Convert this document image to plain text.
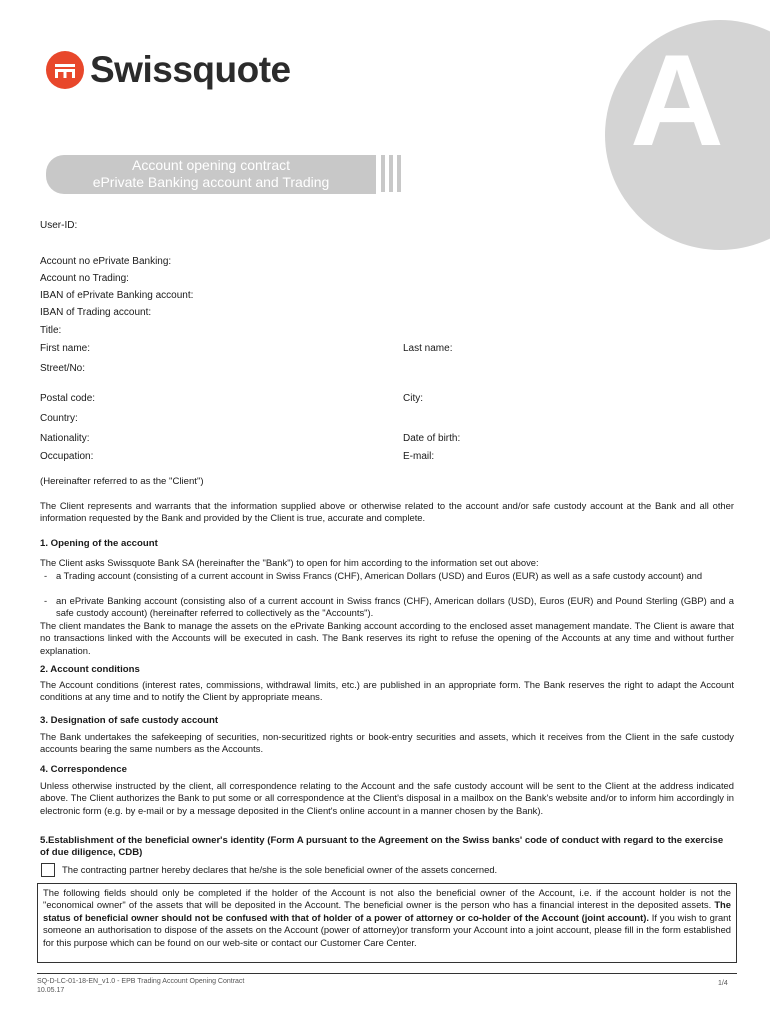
A
Swissquote
Account opening contract
ePrivate Banking account and Trading
User-ID:
Account no ePrivate Banking:
Account no Trading:
IBAN of ePrivate Banking account:
IBAN of Trading account:
Title:
First name:	Last name:
Street/No:
Postal code:	City:
Country:
Nationality:	Date of birth:
Occupation:	E-mail:
(Hereinafter referred to as the "Client")
The Client represents and warrants that the information supplied above or otherwise related to the account and/or safe custody account at the Bank and all other information requested by the Bank and provided by the Client is true, accurate and complete.
1. Opening of the account
The Client asks Swissquote Bank SA (hereinafter the "Bank") to open for him according to the information set out above:
- a Trading account (consisting of a current account in Swiss Francs (CHF), American Dollars (USD) and Euros (EUR) as well as a safe custody account) and
- an ePrivate Banking account (consisting also of a current account in Swiss francs (CHF), American dollars (USD), Euros (EUR) and Pound Sterling (GBP) and a safe custody account) (hereinafter referred to collectively as the "Accounts").
The client mandates the Bank to manage the assets on the ePrivate Banking account according to the enclosed asset management mandate. The Client is aware that no transactions linked with the Accounts will be executed in cash. The Bank reserves its right to refuse the opening of the Accounts at any time and without further explanation.
2. Account conditions
The Account conditions (interest rates, commissions, withdrawal limits, etc.) are published in an appropriate form. The Bank reserves the right to adapt the Account conditions at any time and to notify the Client by appropriate means.
3. Designation of safe custody account
The Bank undertakes the safekeeping of securities, non-securitized rights or book-entry securities and assets, which it receives from the Client in the safe custody accounts bearing the same numbers as the Accounts.
4. Correspondence
Unless otherwise instructed by the client, all correspondence relating to the Account and the safe custody account will be sent to the Client at the address indicated above. The Client authorizes the Bank to put some or all correspondence at the Client's disposal in a mailbox on the Bank's website and/or to inform him accordingly in electronic form (e.g. by e-mail or by a message deposited in the Client's online account in a manner chosen by the Bank).
5.Establishment of the beneficial owner's identity (Form A pursuant to the Agreement on the Swiss banks' code of conduct with regard to the exercise of due diligence, CDB)
The contracting partner hereby declares that he/she is the sole beneficial owner of the assets concerned.
The following fields should only be completed if the holder of the Account is not also the beneficial owner of the Account, i.e. if the account holder is not the "economical owner" of the assets that will be deposited in the Account. The beneficial owner is the person who has a financial interest in the deposited assets. The status of beneficial owner should not be confused with that of holder of a power of attorney or co-holder of the Account (joint account). If you wish to grant someone an authorisation to dispose of the assets on the Account (power of attorney)or transform your Account into a joint account, please fill in the form established for this purpose which can be found on our web-site or contact our Customer Care Center.
SQ-D-LC-01-18-EN_v1.0 - EPB Trading Account Opening Contract
10.05.17
1/4
